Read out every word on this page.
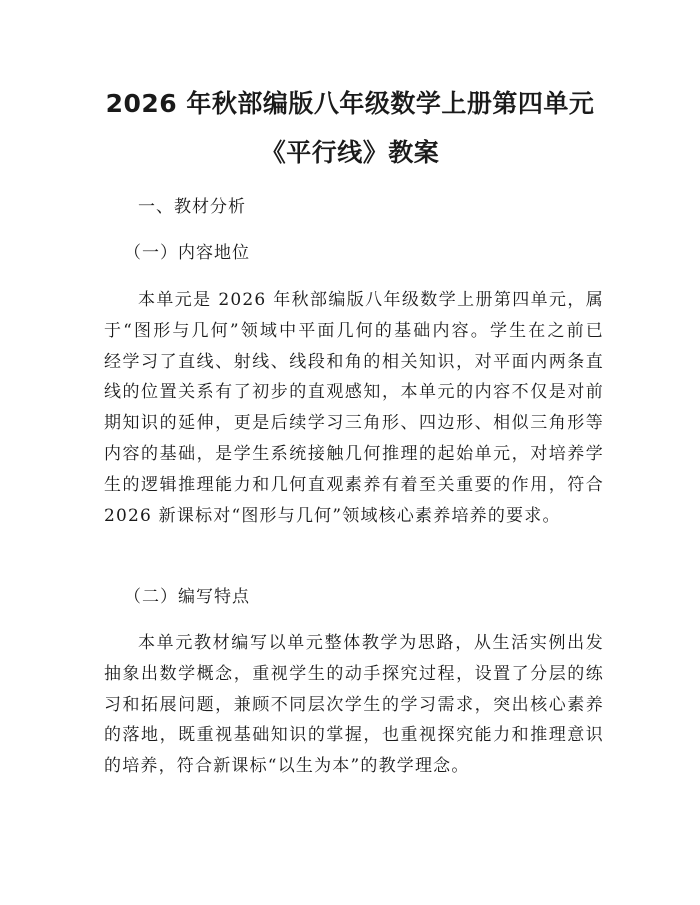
2026 年秋部编版八年级数学上册第四单元
《平行线》教案
一、教材分析
（一）内容地位
本单元是 2026 年秋部编版八年级数学上册第四单元，属
于“图形与几何”领域中平面几何的基础内容。学生在之前已
经学习了直线、射线、线段和角的相关知识，对平面内两条直
线的位置关系有了初步的直观感知，本单元的内容不仅是对前
期知识的延伸，更是后续学习三角形、四边形、相似三角形等
内容的基础，是学生系统接触几何推理的起始单元，对培养学
生的逻辑推理能力和几何直观素养有着至关重要的作用，符合
2026 新课标对“图形与几何”领域核心素养培养的要求。
（二）编写特点
本单元教材编写以单元整体教学为思路，从生活实例出发
抽象出数学概念，重视学生的动手探究过程，设置了分层的练
习和拓展问题，兼顾不同层次学生的学习需求，突出核心素养
的落地，既重视基础知识的掌握，也重视探究能力和推理意识
的培养，符合新课标“以生为本”的教学理念。
